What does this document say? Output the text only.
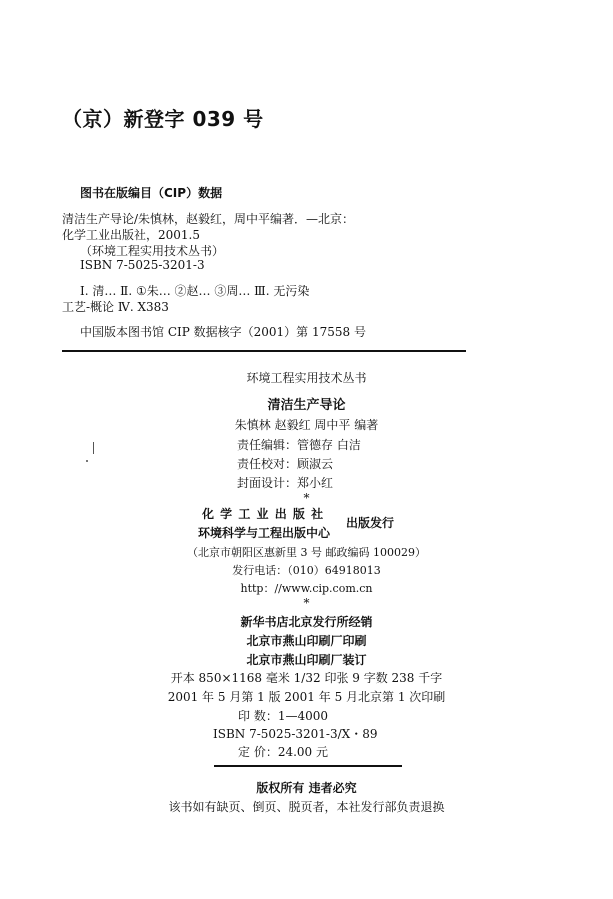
（京）新登字 039 号
图书在版编目（CIP）数据
清洁生产导论/朱慎林，赵毅红，周中平编著．—北京：
化学工业出版社，2001.5
（环境工程实用技术丛书）
ISBN 7-5025-3201-3
Ⅰ. 清… Ⅱ. ①朱… ②赵… ③周… Ⅲ. 无污染
工艺-概论 Ⅳ. X383
中国版本图书馆 CIP 数据核字（2001）第 17558 号
环境工程实用技术丛书
清洁生产导论
朱慎林 赵毅红 周中平 编著
责任编辑：管德存 白洁
责任校对：顾淑云
封面设计：郑小红
*
化 学 工 业 出 版 社
环境科学与工程出版中心
出版发行
（北京市朝阳区惠新里 3 号 邮政编码 100029）
发行电话：（010）64918013
http：//www.cip.com.cn
*
新华书店北京发行所经销
北京市燕山印刷厂印刷
北京市燕山印刷厂装订
开本 850×1168 毫米 1/32 印张 9 字数 238 千字
2001 年 5 月第 1 版 2001 年 5 月北京第 1 次印刷
印 数：1—4000
ISBN 7-5025-3201-3/X・89
定 价：24.00 元
版权所有 违者必究
该书如有缺页、倒页、脱页者，本社发行部负责退换
